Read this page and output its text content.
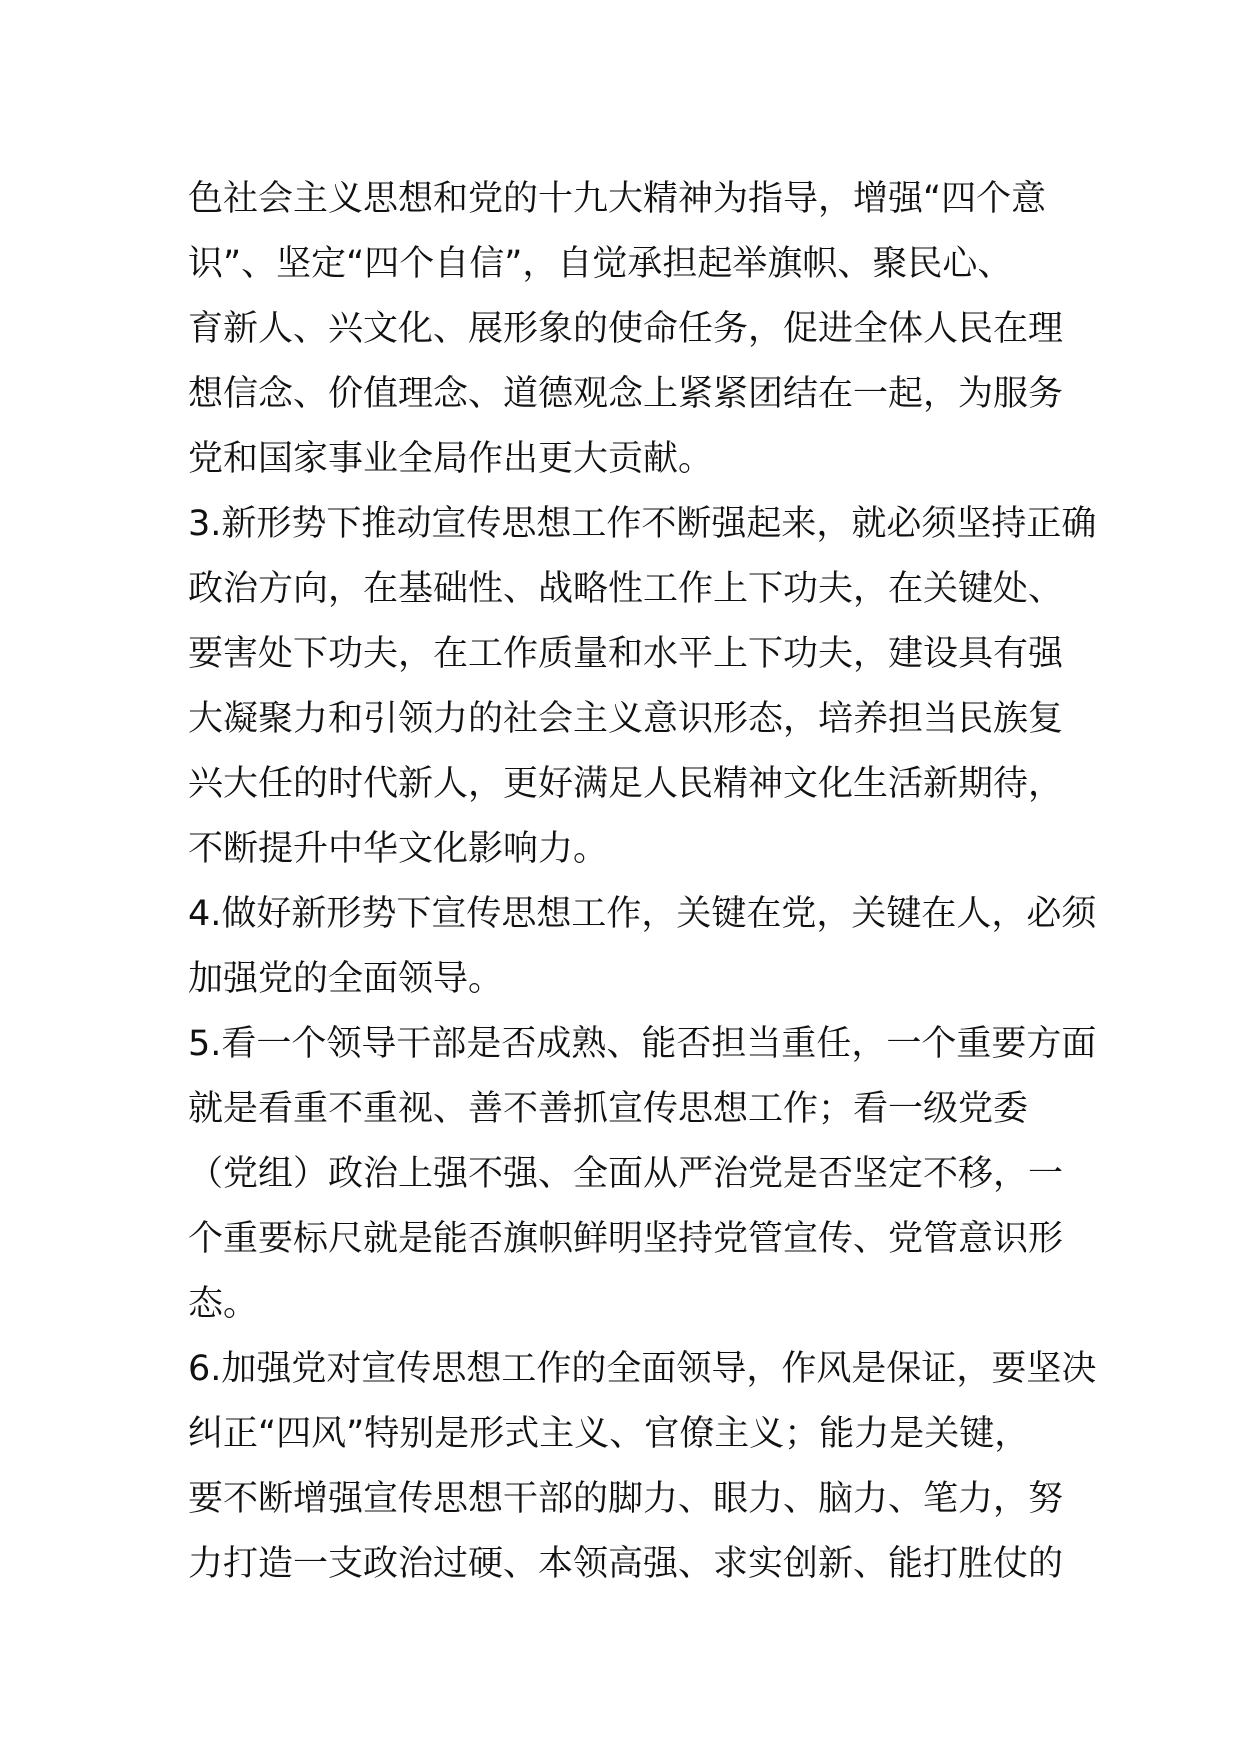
色社会主义思想和党的十九大精神为指导，增强“四个意
识”、坚定“四个自信”，自觉承担起举旗帜、聚民心、
育新人、兴文化、展形象的使命任务，促进全体人民在理
想信念、价值理念、道德观念上紧紧团结在一起，为服务
党和国家事业全局作出更大贡献。
3.新形势下推动宣传思想工作不断强起来，就必须坚持正确
政治方向，在基础性、战略性工作上下功夫，在关键处、
要害处下功夫，在工作质量和水平上下功夫，建设具有强
大凝聚力和引领力的社会主义意识形态，培养担当民族复
兴大任的时代新人，更好满足人民精神文化生活新期待，
不断提升中华文化影响力。
4.做好新形势下宣传思想工作，关键在党，关键在人，必须
加强党的全面领导。
5.看一个领导干部是否成熟、能否担当重任，一个重要方面
就是看重不重视、善不善抓宣传思想工作；看一级党委
（党组）政治上强不强、全面从严治党是否坚定不移，一
个重要标尺就是能否旗帜鲜明坚持党管宣传、党管意识形
态。
6.加强党对宣传思想工作的全面领导，作风是保证，要坚决
纠正“四风”特别是形式主义、官僚主义；能力是关键，
要不断增强宣传思想干部的脚力、眼力、脑力、笔力，努
力打造一支政治过硬、本领高强、求实创新、能打胜仗的
